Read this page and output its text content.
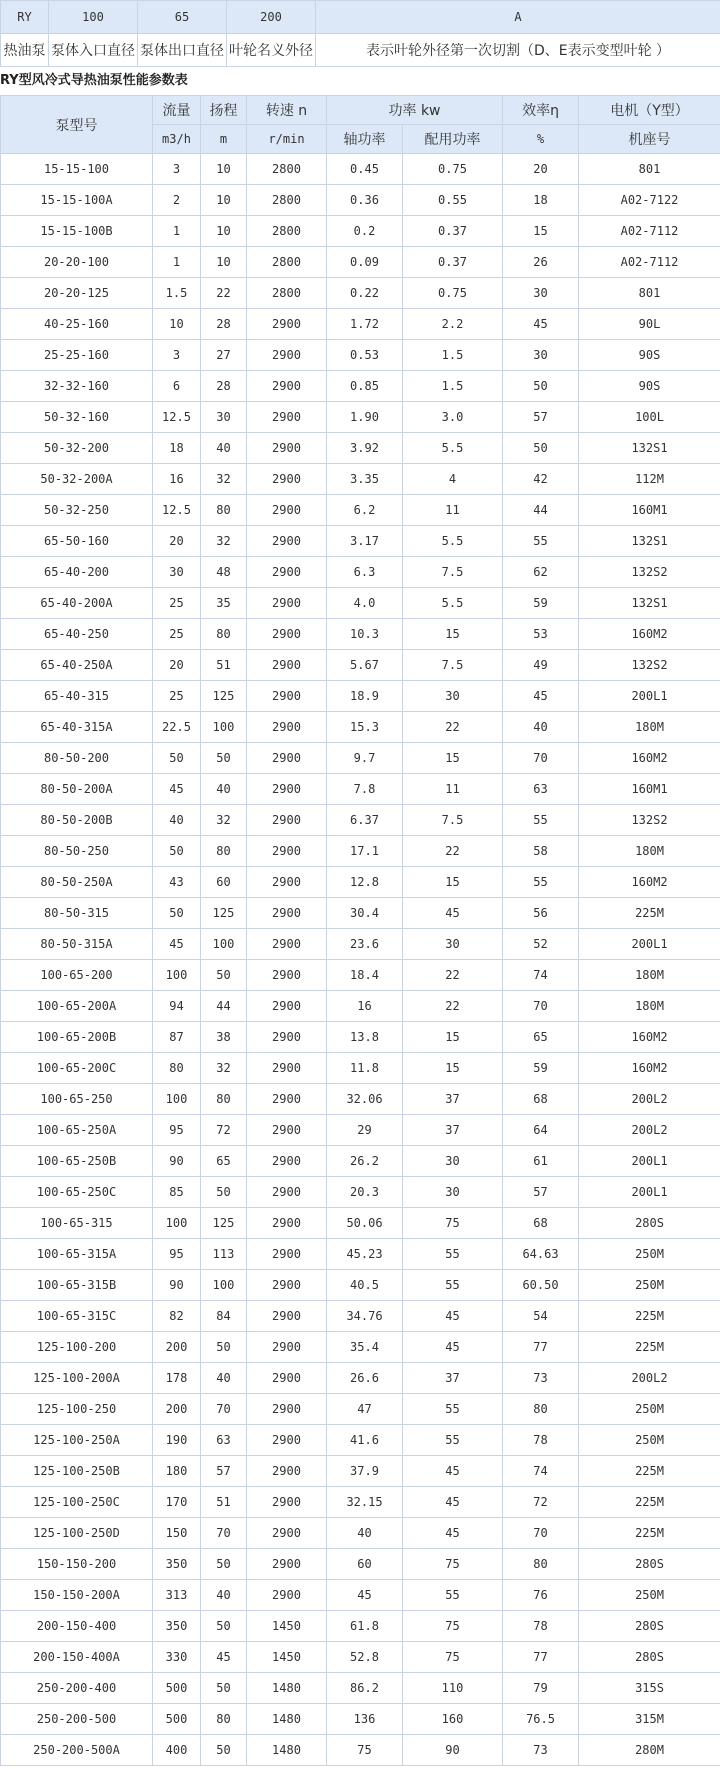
RY	100	65	200	A
热油泵	泵体入口直径	泵体出口直径	叶轮名义外径	表示叶轮外径第一次切割（D、E表示变型叶轮 ）
RY型风冷式导热油泵性能参数表
泵型号	流量	扬程	转速 n	功率 kw		效率η	电机（Y型）
	m3/h	m	r/min	轴功率	配用功率	%	机座号
15-15-100	3	10	2800	0.45	0.75	20	801
15-15-100A	2	10	2800	0.36	0.55	18	A02-7122
15-15-100B	1	10	2800	0.2	0.37	15	A02-7112
20-20-100	1	10	2800	0.09	0.37	26	A02-7112
20-20-125	1.5	22	2800	0.22	0.75	30	801
40-25-160	10	28	2900	1.72	2.2	45	90L
25-25-160	3	27	2900	0.53	1.5	30	90S
32-32-160	6	28	2900	0.85	1.5	50	90S
50-32-160	12.5	30	2900	1.90	3.0	57	100L
50-32-200	18	40	2900	3.92	5.5	50	132S1
50-32-200A	16	32	2900	3.35	4	42	112M
50-32-250	12.5	80	2900	6.2	11	44	160M1
65-50-160	20	32	2900	3.17	5.5	55	132S1
65-40-200	30	48	2900	6.3	7.5	62	132S2
65-40-200A	25	35	2900	4.0	5.5	59	132S1
65-40-250	25	80	2900	10.3	15	53	160M2
65-40-250A	20	51	2900	5.67	7.5	49	132S2
65-40-315	25	125	2900	18.9	30	45	200L1
65-40-315A	22.5	100	2900	15.3	22	40	180M
80-50-200	50	50	2900	9.7	15	70	160M2
80-50-200A	45	40	2900	7.8	11	63	160M1
80-50-200B	40	32	2900	6.37	7.5	55	132S2
80-50-250	50	80	2900	17.1	22	58	180M
80-50-250A	43	60	2900	12.8	15	55	160M2
80-50-315	50	125	2900	30.4	45	56	225M
80-50-315A	45	100	2900	23.6	30	52	200L1
100-65-200	100	50	2900	18.4	22	74	180M
100-65-200A	94	44	2900	16	22	70	180M
100-65-200B	87	38	2900	13.8	15	65	160M2
100-65-200C	80	32	2900	11.8	15	59	160M2
100-65-250	100	80	2900	32.06	37	68	200L2
100-65-250A	95	72	2900	29	37	64	200L2
100-65-250B	90	65	2900	26.2	30	61	200L1
100-65-250C	85	50	2900	20.3	30	57	200L1
100-65-315	100	125	2900	50.06	75	68	280S
100-65-315A	95	113	2900	45.23	55	64.63	250M
100-65-315B	90	100	2900	40.5	55	60.50	250M
100-65-315C	82	84	2900	34.76	45	54	225M
125-100-200	200	50	2900	35.4	45	77	225M
125-100-200A	178	40	2900	26.6	37	73	200L2
125-100-250	200	70	2900	47	55	80	250M
125-100-250A	190	63	2900	41.6	55	78	250M
125-100-250B	180	57	2900	37.9	45	74	225M
125-100-250C	170	51	2900	32.15	45	72	225M
125-100-250D	150	70	2900	40	45	70	225M
150-150-200	350	50	2900	60	75	80	280S
150-150-200A	313	40	2900	45	55	76	250M
200-150-400	350	50	1450	61.8	75	78	280S
200-150-400A	330	45	1450	52.8	75	77	280S
250-200-400	500	50	1480	86.2	110	79	315S
250-200-500	500	80	1480	136	160	76.5	315M
250-200-500A	400	50	1480	75	90	73	280M
